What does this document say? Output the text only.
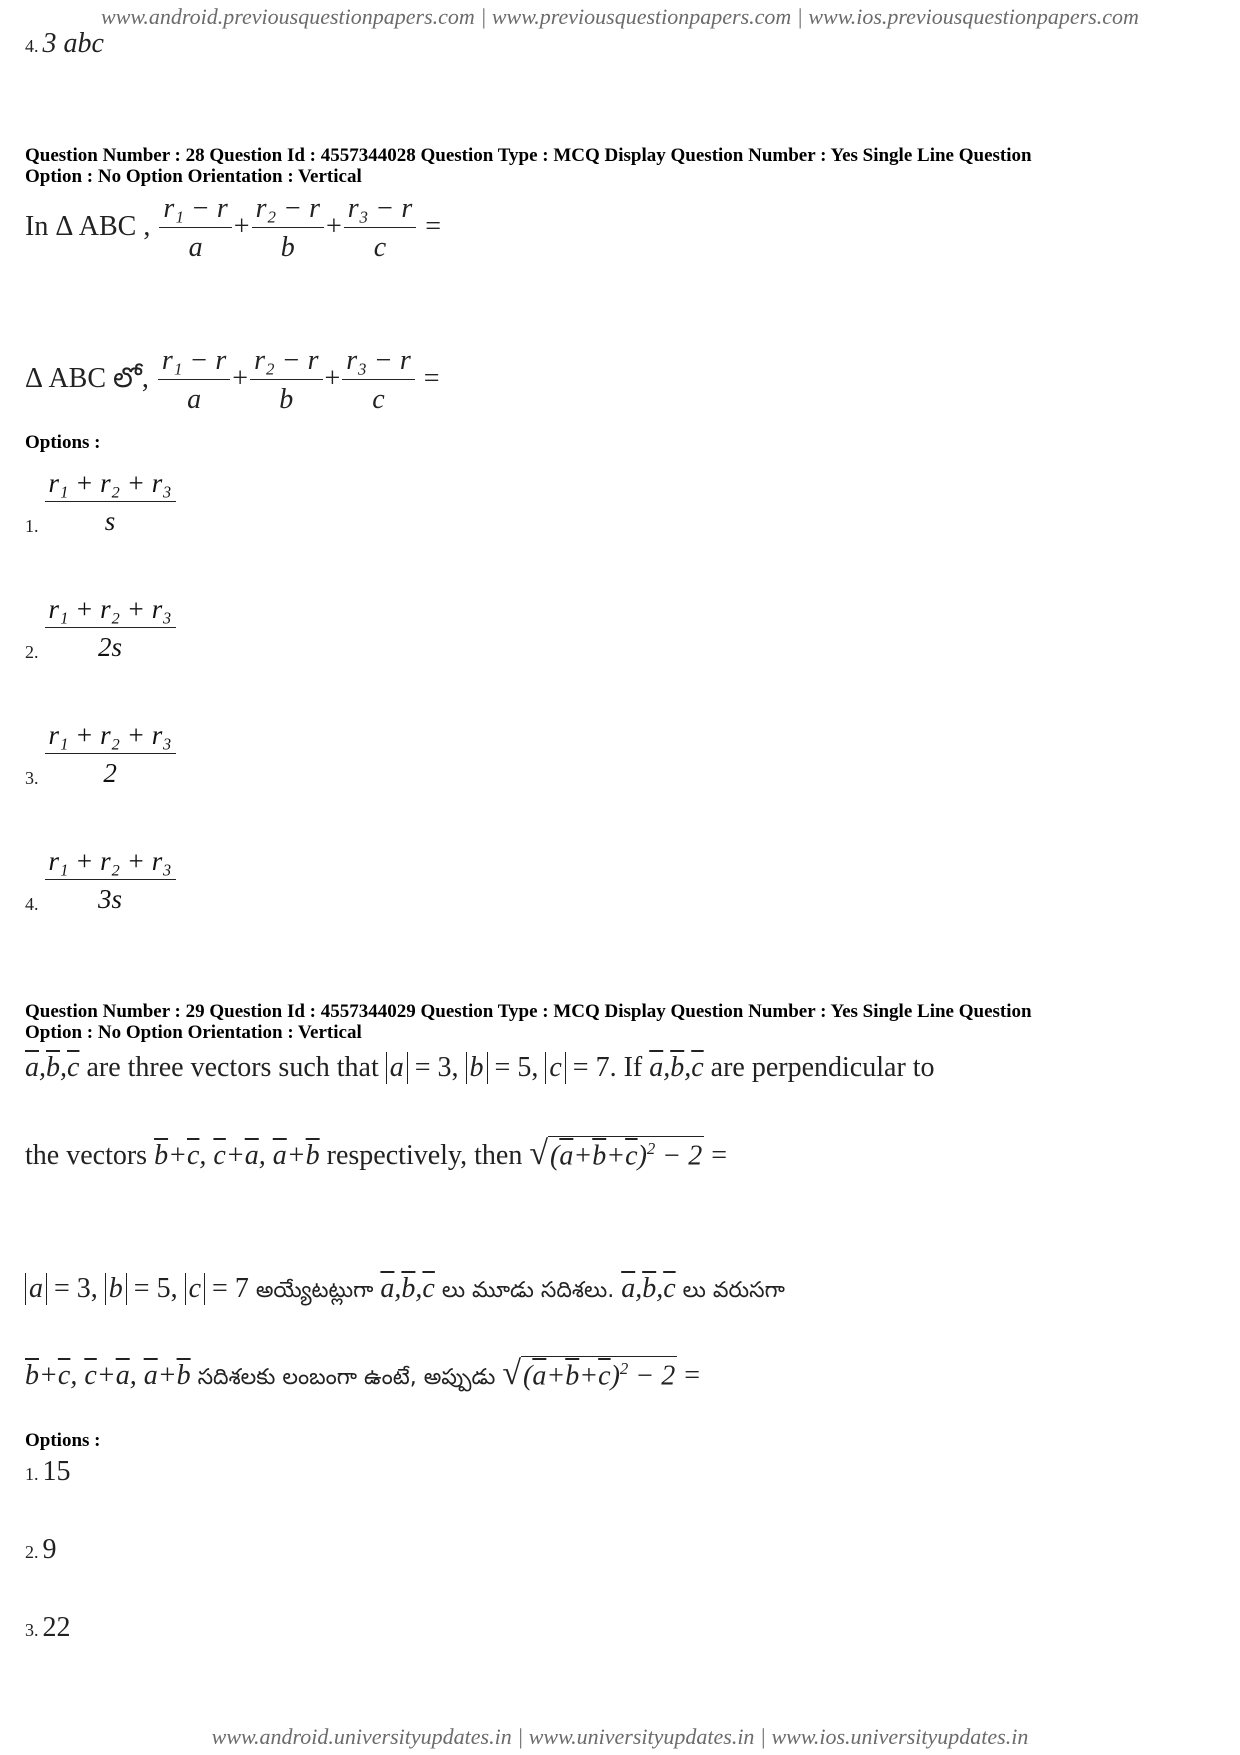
www.android.previousquestionpapers.com | www.previousquestionpapers.com | www.ios.previousquestionpapers.com
4. 3 abc
Question Number : 28 Question Id : 4557344028 Question Type : MCQ Display Question Number : Yes Single Line Question
Option : No Option Orientation : Vertical
In Δ ABC , $\frac{\text{r₁ − r}}{a} + \frac{\text{r₂ − r}}{b} + \frac{\text{r₃ − r}}{c}$ =
Δ ABC లో, $\frac{\text{r₁ − r}}{a} + \frac{\text{r₂ − r}}{b} + \frac{\text{r₃ − r}}{c}$ =
Options :
1. $\frac{\text{r₁ + r₂ + r₃}}{s}$
2. $\frac{\text{r₁ + r₂ + r₃}}{2s}$
3. $\frac{\text{r₁ + r₂ + r₃}}{2}$
4. $\frac{\text{r₁ + r₂ + r₃}}{3s}$
Question Number : 29 Question Id : 4557344029 Question Type : MCQ Display Question Number : Yes Single Line Question
Option : No Option Orientation : Vertical
$\overline{a},\overline{b},\overline{c}$ are three vectors such that a = 3, b = 5, c = 7. If $\overline{a},\overline{b},\overline{c}$ are perpendicular to
the vectors $\overline{b}+\overline{c}$, $\overline{c}+\overline{a}$, $\overline{a}+\overline{b}$ respectively, then $√(\overline{a}+\overline{b}+\overline{c})^2 - 2$ =
a = 3, b = 5, c = 7 అయ్యేటట్లుగా $\overline{a},\overline{b},\overline{c}$ లు మూడు సదిశలు. $\overline{a},\overline{b},\overline{c}$ లు వరుసగా
$\overline{b}+\overline{c}$, $\overline{c}+\overline{a}$, $\overline{a}+\overline{b}$ సదిశలకు లంబంగా ఉంటే, అప్పుడు $√(\overline{a}+\overline{b}+\overline{c})^2 - 2$ =
Options :
1. 15
2. 9
3. 22
www.android.universityupdates.in | www.universityupdates.in | www.ios.universityupdates.in
